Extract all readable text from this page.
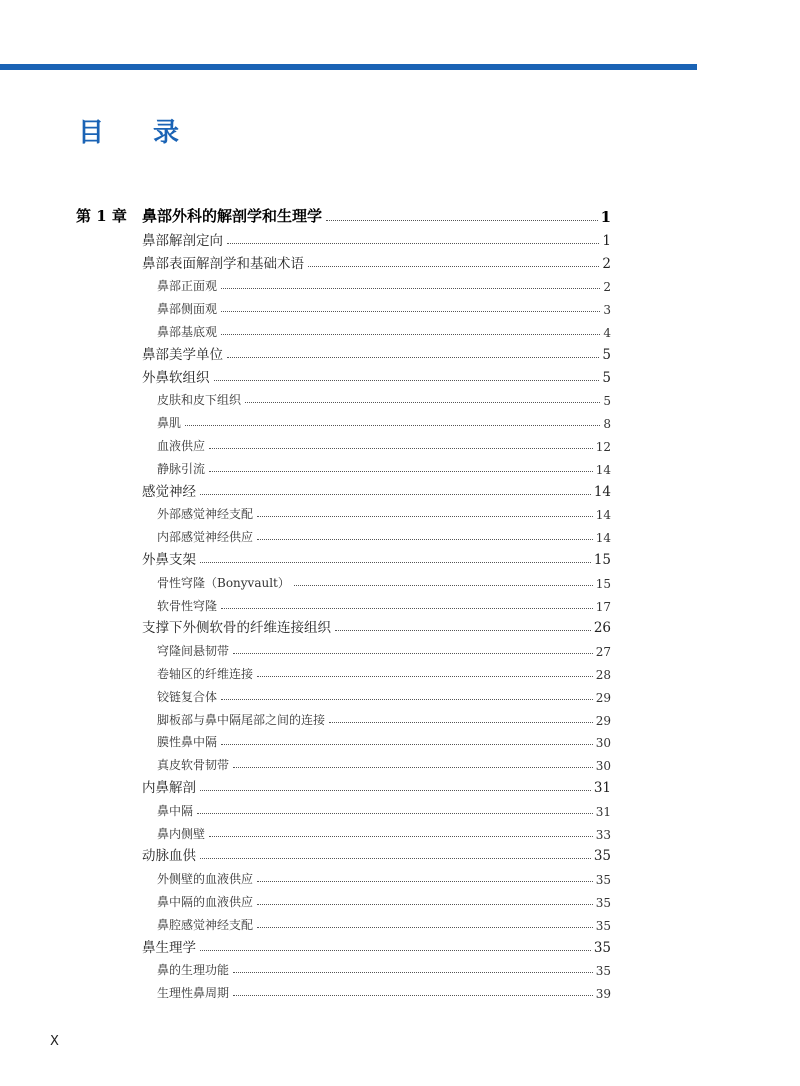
目 录
第 1 章	鼻部外科的解剖学和生理学	1
鼻部解剖定向	1
鼻部表面解剖学和基础术语	2
鼻部正面观	2
鼻部侧面观	3
鼻部基底观	4
鼻部美学单位	5
外鼻软组织	5
皮肤和皮下组织	5
鼻肌	8
血液供应	12
静脉引流	14
感觉神经	14
外部感觉神经支配	14
内部感觉神经供应	14
外鼻支架	15
骨性穹隆（Bonyvault）	15
软骨性穹隆	17
支撑下外侧软骨的纤维连接组织	26
穹隆间悬韧带	27
卷轴区的纤维连接	28
铰链复合体	29
脚板部与鼻中隔尾部之间的连接	29
膜性鼻中隔	30
真皮软骨韧带	30
内鼻解剖	31
鼻中隔	31
鼻内侧壁	33
动脉血供	35
外侧壁的血液供应	35
鼻中隔的血液供应	35
鼻腔感觉神经支配	35
鼻生理学	35
鼻的生理功能	35
生理性鼻周期	39
X
